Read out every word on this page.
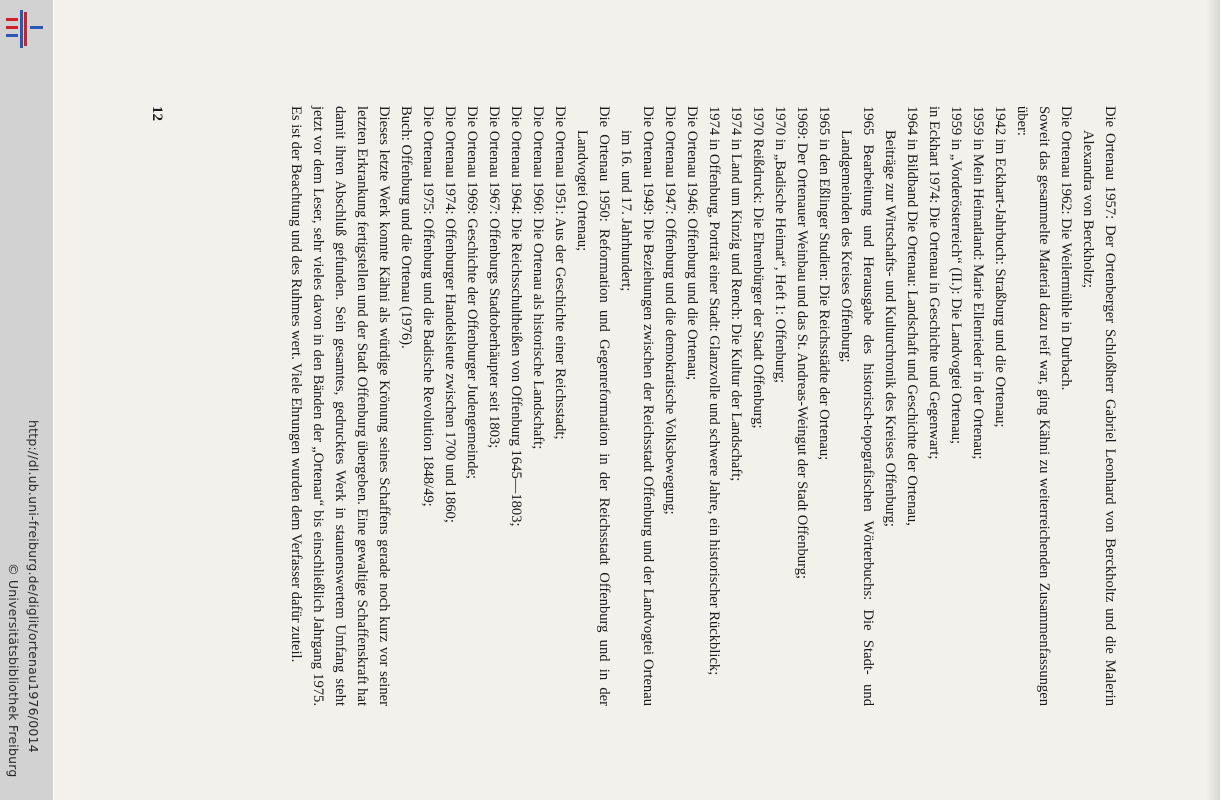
http://dl.ub.uni-freiburg.de/diglit/ortenau1976/0014
© Universitätsbibliothek Freiburg	Die Ortenau 1957: Der Ortenberger Schloßherr Gabriel Leonhard von Berckholtz und die Malerin Alexandra von Berckholtz;

Die Ortenau 1962: Die Weilermühle in Durbach.

Soweit das gesammelte Material dazu reif war, ging Kähni zu weiterreichenden Zusammenfassungen über:

1942 im Eckhart-Jahrbuch: Straßburg und die Ortenau;

1959 in Mein Heimatland: Marie Ellenrieder in der Ortenau;

1959 in „Vorderösterreich“ (II.): Die Landvogtei Ortenau;

in Eckhart 1974: Die Ortenau in Geschichte und Gegenwart;

1964 in Bildband Die Ortenau: Landschaft und Geschichte der Ortenau,

Beiträge zur Wirtschafts- und Kulturchronik des Kreises Offenburg;

1965 Bearbeitung und Herausgabe des historisch-topografischen Wörterbuchs: Die Stadt- und Landgemeinden des Kreises Offenburg;

1965 in den Eßlinger Studien: Die Reichsstädte der Ortenau;

1969: Der Ortenauer Weinbau und das St. Andreas-Weingut der Stadt Offenburg;

1970 in „Badische Heimat“, Heft 1: Offenburg;

1970 Reißdruck: Die Ehrenbürger der Stadt Offenburg;

1974 in Land um Kinzig und Rench: Die Kultur der Landschaft;

1974 in Offenburg, Porträt einer Stadt: Glanzvolle und schwere Jahre, ein historischer Rückblick;

Die Ortenau 1946: Offenburg und die Ortenau;

Die Ortenau 1947: Offenburg und die demokratische Volksbewegung;

Die Ortenau 1949: Die Beziehungen zwischen der Reichsstadt Offenburg und der Landvogtei Ortenau im 16. und 17. Jahrhundert;

Die Ortenau 1950: Reformation und Gegenreformation in der Reichsstadt Offenburg und in der Landvogtei Ortenau;

Die Ortenau 1951: Aus der Geschichte einer Reichsstadt;

Die Ortenau 1960: Die Ortenau als historische Landschaft;

Die Ortenau 1964: Die Reichsschultheißen von Offenburg 1645—1803;

Die Ortenau 1967: Offenburgs Stadtoberhäupter seit 1803;

Die Ortenau 1969: Geschichte der Offenburger Judengemeinde;

Die Ortenau 1974: Offenburger Handelsleute zwischen 1700 und 1860;

Die Ortenau 1975: Offenburg und die Badische Revolution 1848/49;

Buch: Offenburg und die Ortenau (1976).

Dieses letzte Werk konnte Kähni als würdige Krönung seines Schaffens gerade noch kurz vor seiner letzten Erkrankung fertigstellen und der Stadt Offenburg übergeben. Eine gewaltige Schaffenskraft hat damit ihren Abschluß gefunden. Sein gesamtes, gedrucktes Werk in staunenswertem Umfang steht jetzt vor dem Leser, sehr vieles davon in den Bänden der „Ortenau“ bis einschließlich Jahrgang 1975. Es ist der Beachtung und des Ruhmes wert. Viele Ehrungen wurden dem Verfasser dafür zuteil.

12
